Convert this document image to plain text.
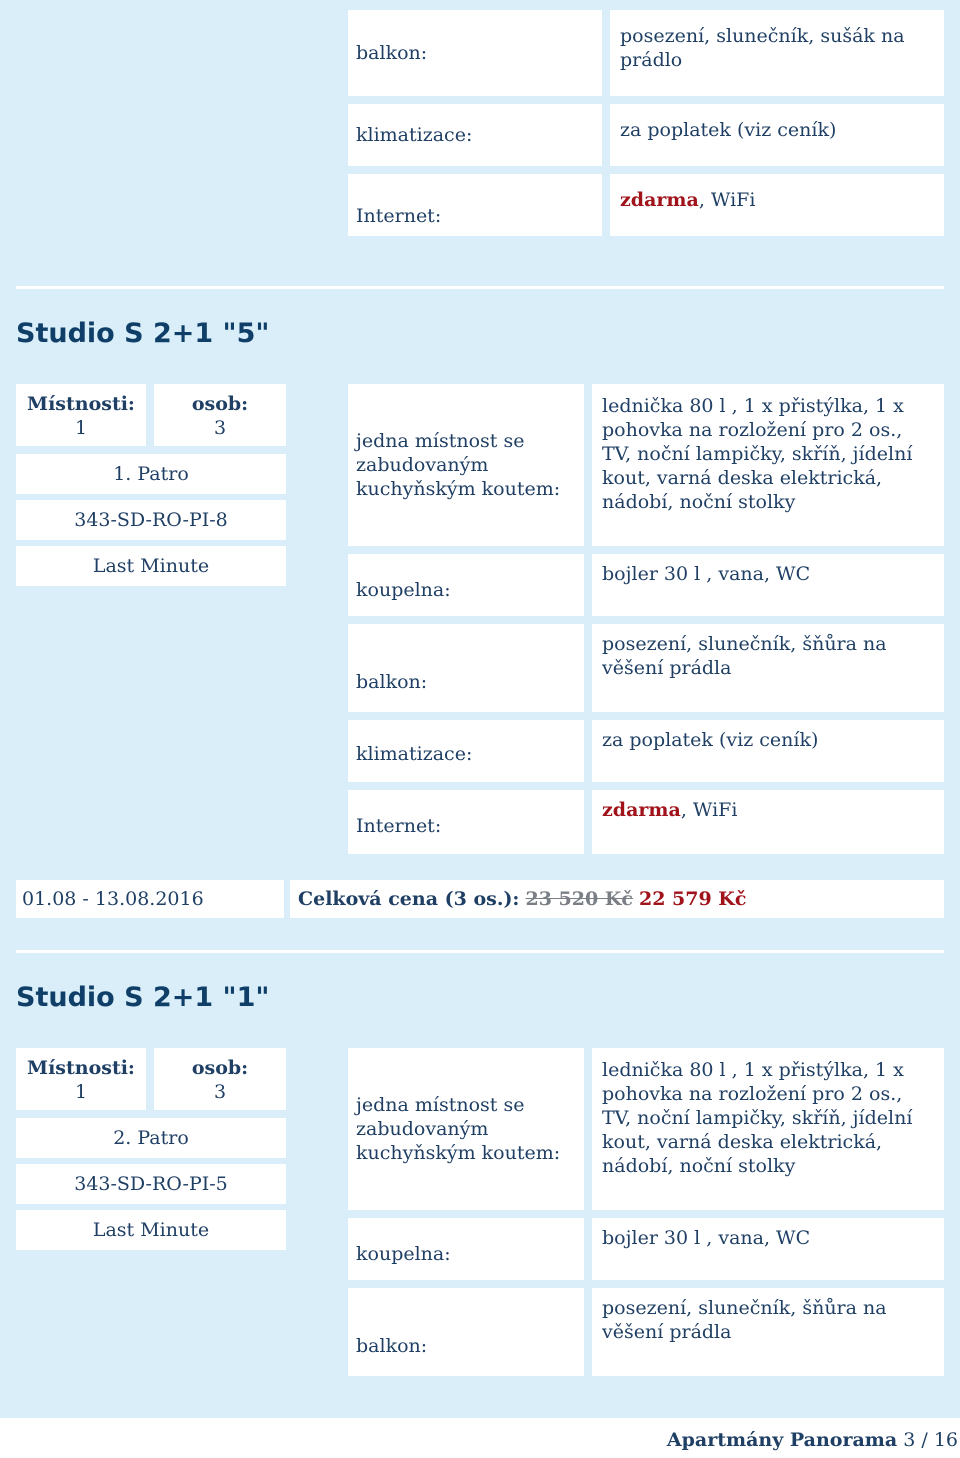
balkon:
posezení, slunečník, sušák na prádlo
klimatizace:	za poplatek (viz ceník)
Internet:
zdarma, WiFi
Studio S 2+1 "5"
Místnosti:
1
osob:
3
1. Patro
343-SD-RO-PI-8
Last Minute
jedna místnost se zabudovaným kuchyňským koutem:
lednička 80 l , 1 x přistýlka, 1 x pohovka na rozložení pro 2 os., TV, noční lampičky, skříň, jídelní kout, varná deska elektrická, nádobí, noční stolky
koupelna:
bojler 30 l , vana, WC
balkon:
posezení, slunečník, šňůra na věšení prádla
klimatizace:
za poplatek (viz ceník)
Internet:
zdarma, WiFi
01.08 - 13.08.2016	Celková cena (3 os.):
23 520 Kč
22 579 Kč
Studio S 2+1 "1"
Místnosti:
1
osob:
3
2. Patro
343-SD-RO-PI-5
Last Minute
jedna místnost se zabudovaným kuchyňským koutem:
lednička 80 l , 1 x přistýlka, 1 x pohovka na rozložení pro 2 os., TV, noční lampičky, skříň, jídelní kout, varná deska elektrická, nádobí, noční stolky
koupelna:
bojler 30 l , vana, WC
balkon:
posezení, slunečník, šňůra na věšení prádla
Apartmány Panorama 3 / 16
